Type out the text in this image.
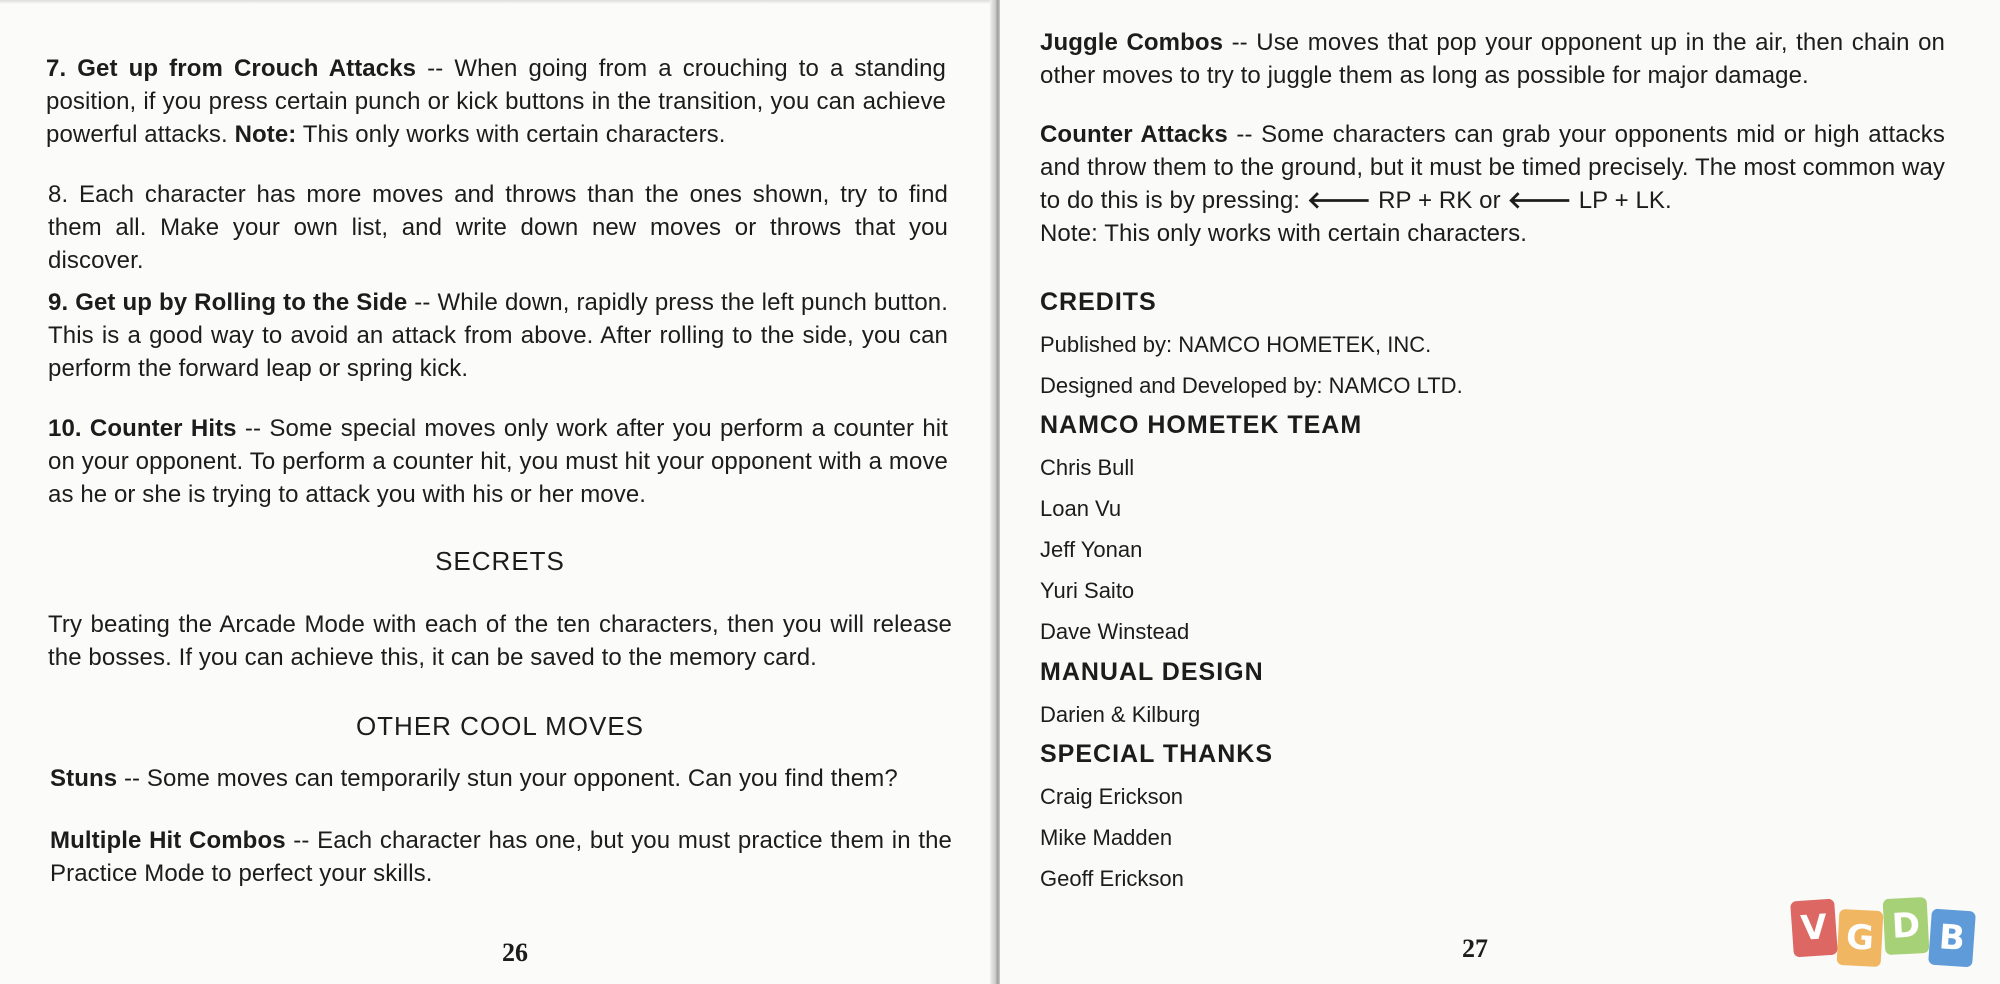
7. Get up from Crouch Attacks -- When going from a crouching to a standing position, if you press certain punch or kick buttons in the transition, you can achieve powerful attacks. Note: This only works with certain characters.

8. Each character has more moves and throws than the ones shown, try to find them all. Make your own list, and write down new moves or throws that you discover.

9. Get up by Rolling to the Side -- While down, rapidly press the left punch button. This is a good way to avoid an attack from above. After rolling to the side, you can perform the forward leap or spring kick.

10. Counter Hits -- Some special moves only work after you perform a counter hit on your opponent. To perform a counter hit, you must hit your opponent with a move as he or she is trying to attack you with his or her move.

SECRETS

Try beating the Arcade Mode with each of the ten characters, then you will release the bosses. If you can achieve this, it can be saved to the memory card.

OTHER COOL MOVES

Stuns -- Some moves can temporarily stun your opponent. Can you find them?

Multiple Hit Combos -- Each character has one, but you must practice them in the Practice Mode to perfect your skills.

26

Juggle Combos -- Use moves that pop your opponent up in the air, then chain on other moves to try to juggle them as long as possible for major damage.

Counter Attacks -- Some characters can grab your opponents mid or high attacks and throw them to the ground, but it must be timed precisely. The most common way to do this is by pressing: 🡐 RP + RK or 🡐 LP + LK.
Note: This only works with certain characters.

CREDITS

Published by: NAMCO HOMETEK, INC.

Designed and Developed by: NAMCO LTD.

NAMCO HOMETEK TEAM

Chris Bull

Loan Vu

Jeff Yonan

Yuri Saito

Dave Winstead

MANUAL DESIGN

Darien & Kilburg

SPECIAL THANKS

Craig Erickson

Mike Madden

Geoff Erickson

27	V G D B
